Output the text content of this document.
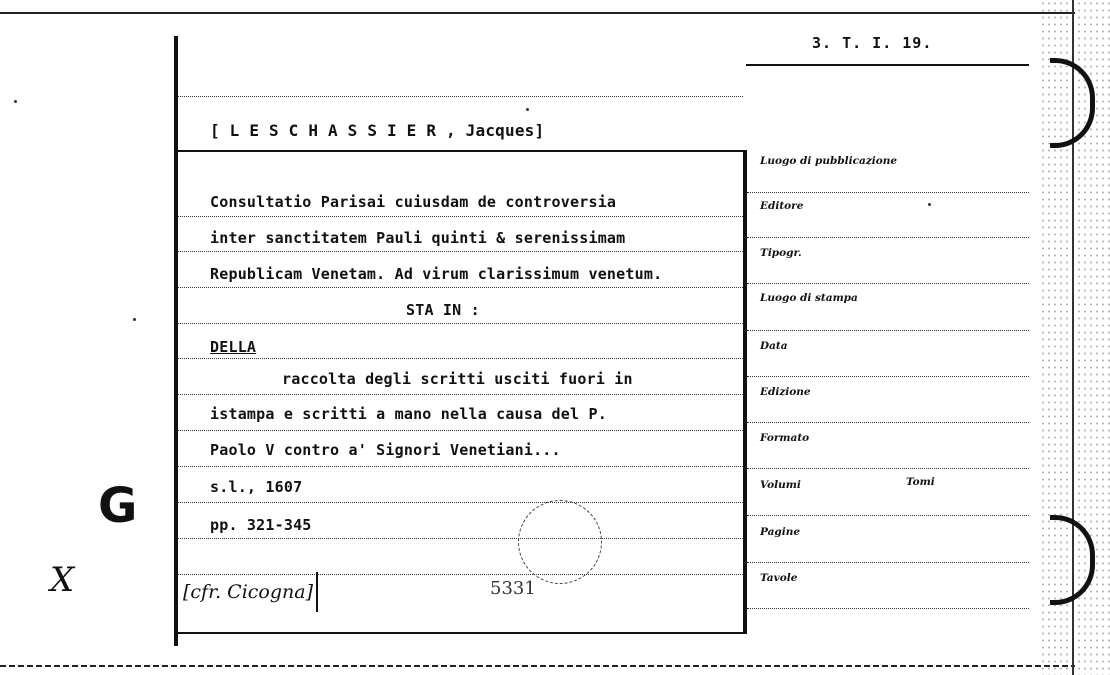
3. T. I. 19.
Luogo di pubblicazione
Editore
Tipogr.
Luogo di stampa
Data
Edizione
Formato
Volumi	Tomi
Pagine
Tavole
[ L E S C H A S S I E R , Jacques]
Consultatio Parisai cuiusdam de controversia
inter sanctitatem Pauli quinti & serenissimam
Republicam Venetam. Ad virum clarissimum venetum.
STA IN :
DELLA
raccolta degli scritti usciti fuori in
istampa e scritti a mano nella causa del P.
Paolo V contro a' Signori Venetiani...
s.l., 1607
pp. 321-345
G
X	[cfr. Cicogna]	5331
